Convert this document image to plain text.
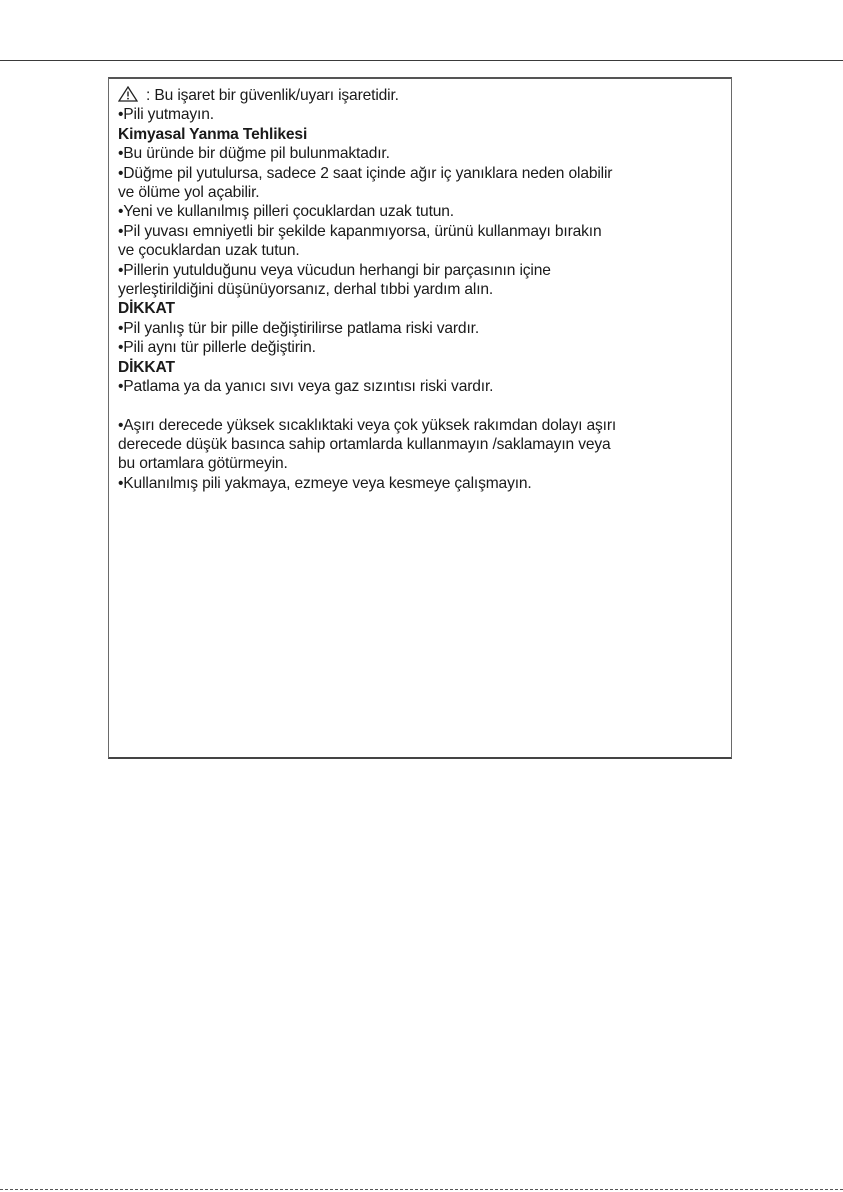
: Bu işaret bir güvenlik/uyarı işaretidir.
•Pili yutmayın.
Kimyasal Yanma Tehlikesi
•Bu üründe bir düğme pil bulunmaktadır.
•Düğme pil yutulursa, sadece 2 saat içinde ağır iç yanıklara neden olabilir
ve ölüme yol açabilir.
•Yeni ve kullanılmış pilleri çocuklardan uzak tutun.
•Pil yuvası emniyetli bir şekilde kapanmıyorsa, ürünü kullanmayı bırakın
ve çocuklardan uzak tutun.
•Pillerin yutulduğunu veya vücudun herhangi bir parçasının içine
yerleştirildiğini düşünüyorsanız, derhal tıbbi yardım alın.
DİKKAT
•Pil yanlış tür bir pille değiştirilirse patlama riski vardır.
•Pili aynı tür pillerle değiştirin.
DİKKAT
•Patlama ya da yanıcı sıvı veya gaz sızıntısı riski vardır.
•Aşırı derecede yüksek sıcaklıktaki veya çok yüksek rakımdan dolayı aşırı
derecede düşük basınca sahip ortamlarda kullanmayın /saklamayın veya
bu ortamlara götürmeyin.
•Kullanılmış pili yakmaya, ezmeye veya kesmeye çalışmayın.
